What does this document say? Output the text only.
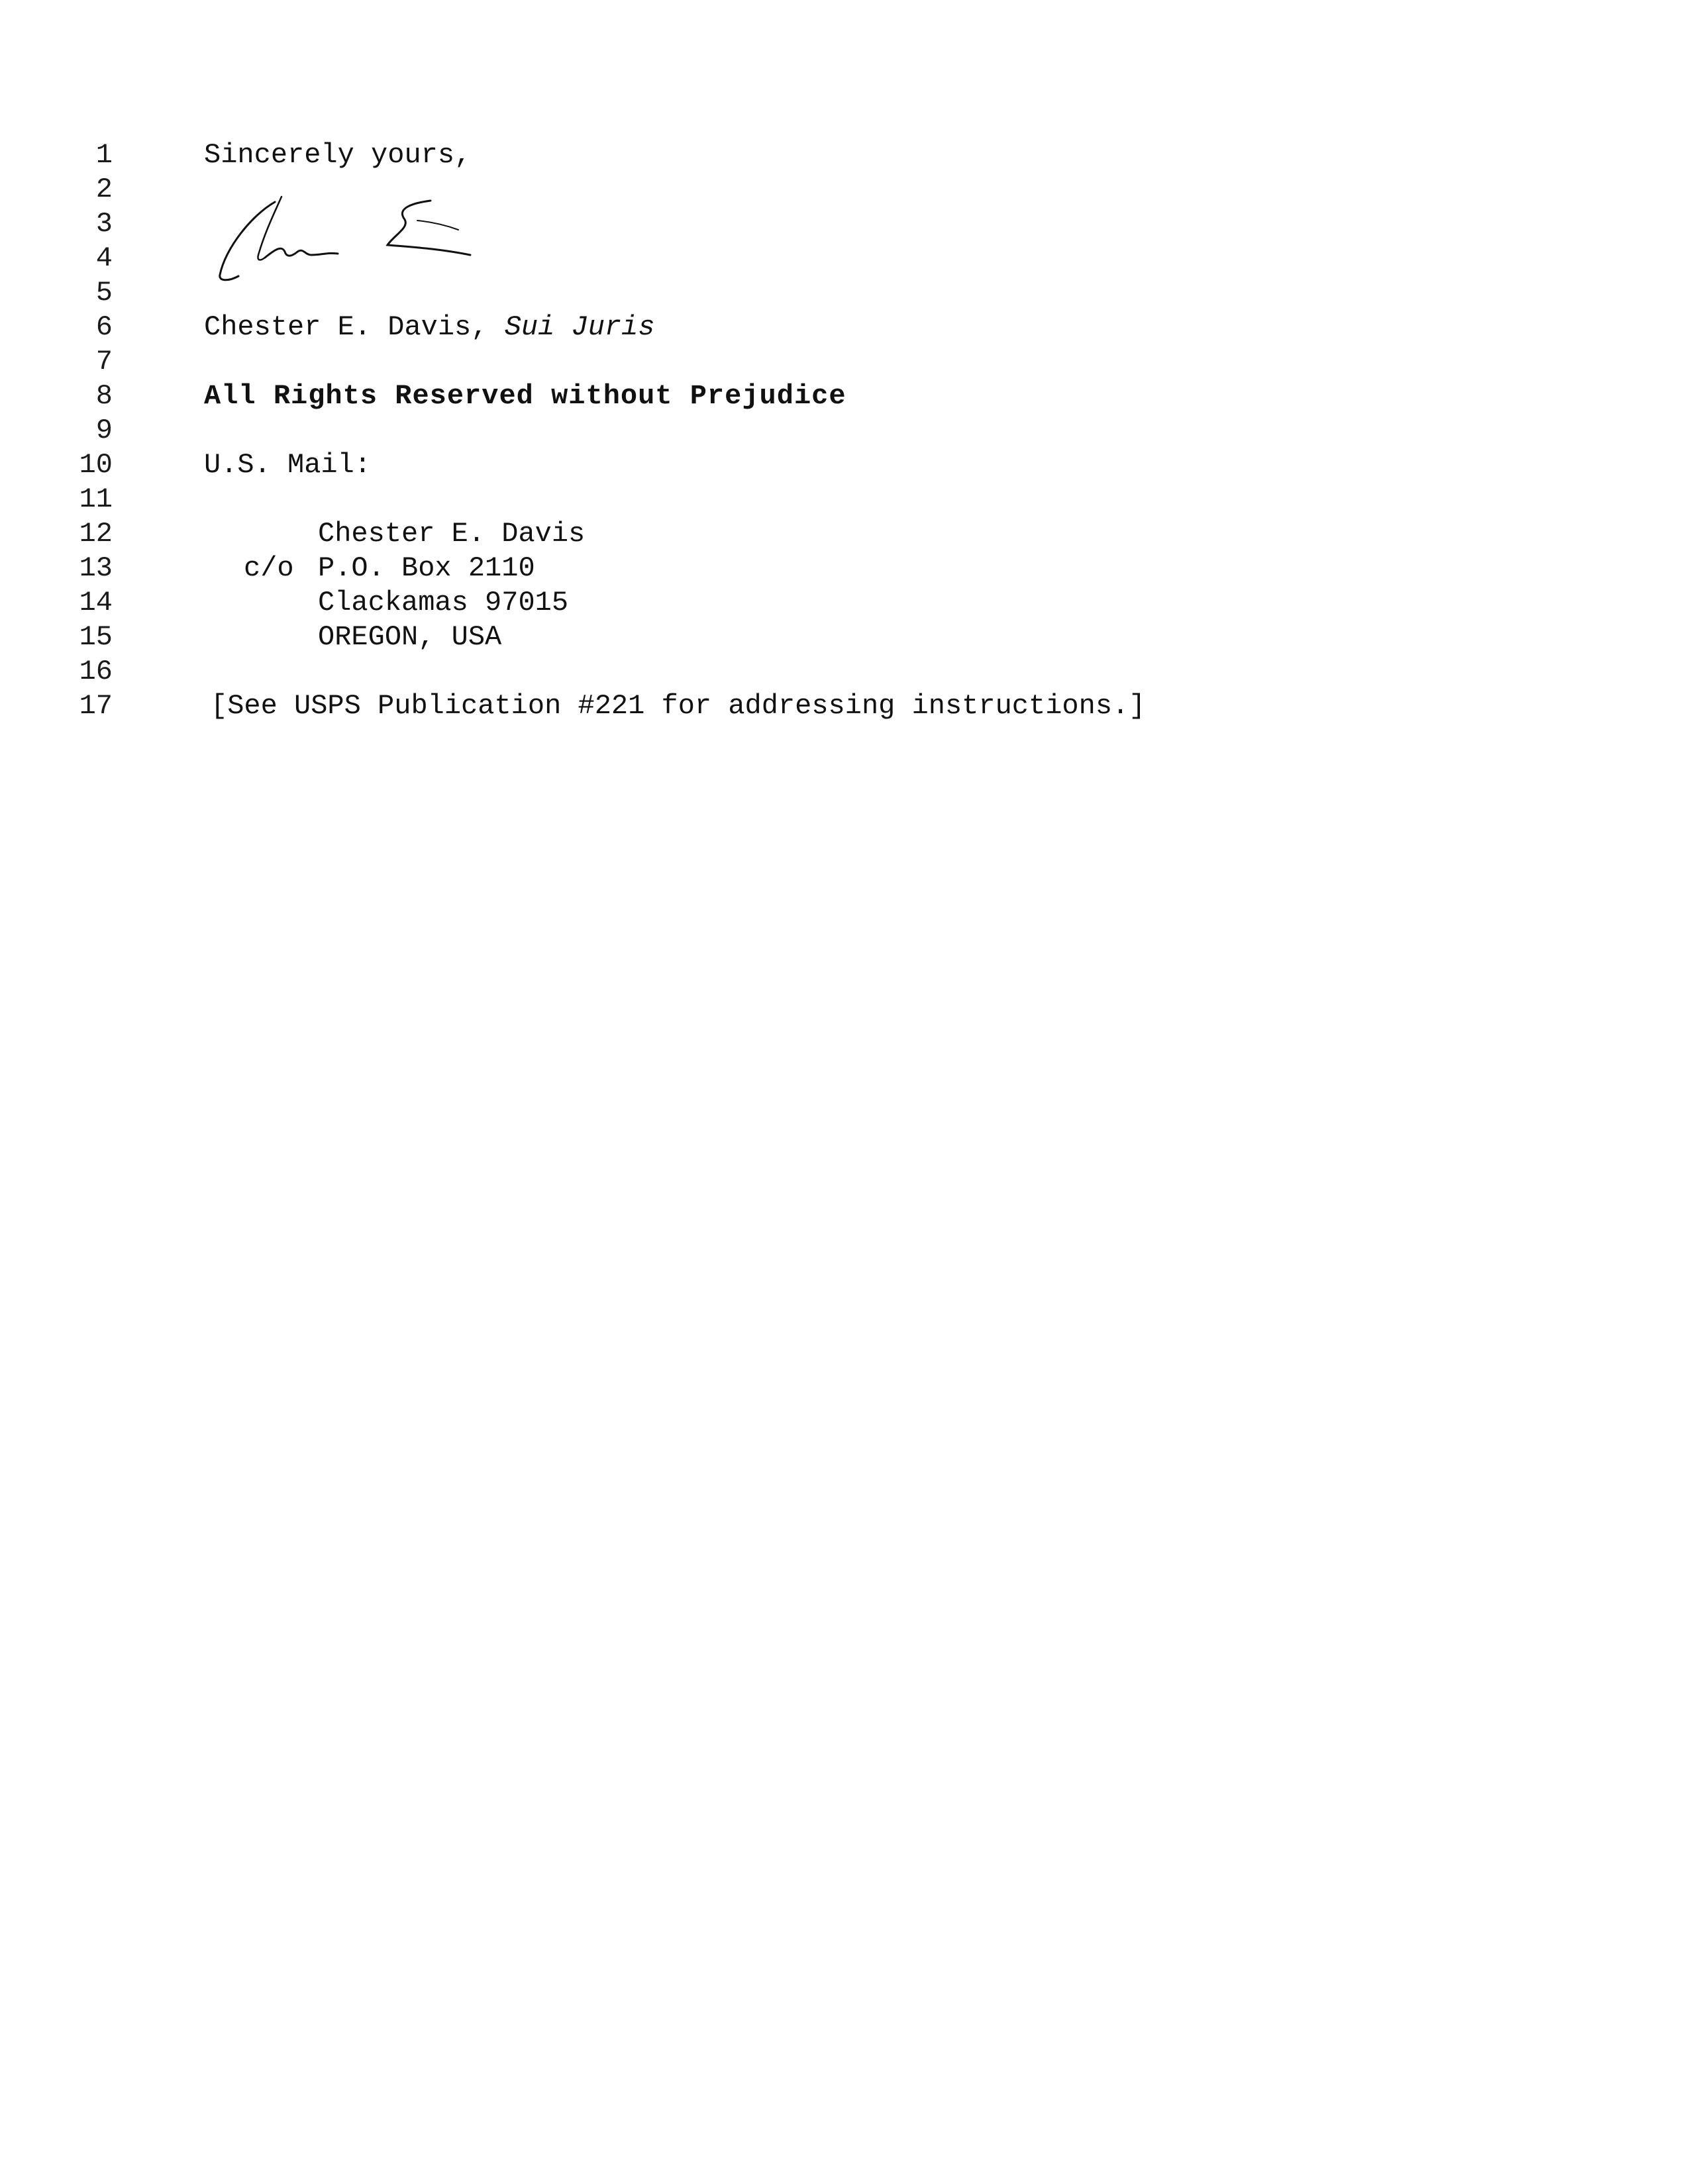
1
2
3
4
5
6
7
8
9
10
11
12
13
14
15
16
17
Sincerely yours,
Chester E. Davis, Sui Juris
All Rights Reserved without Prejudice
U.S. Mail:
Chester E. Davis
c/o P.O. Box 2110
Clackamas 97015
OREGON, USA
[See USPS Publication #221 for addressing instructions.]
